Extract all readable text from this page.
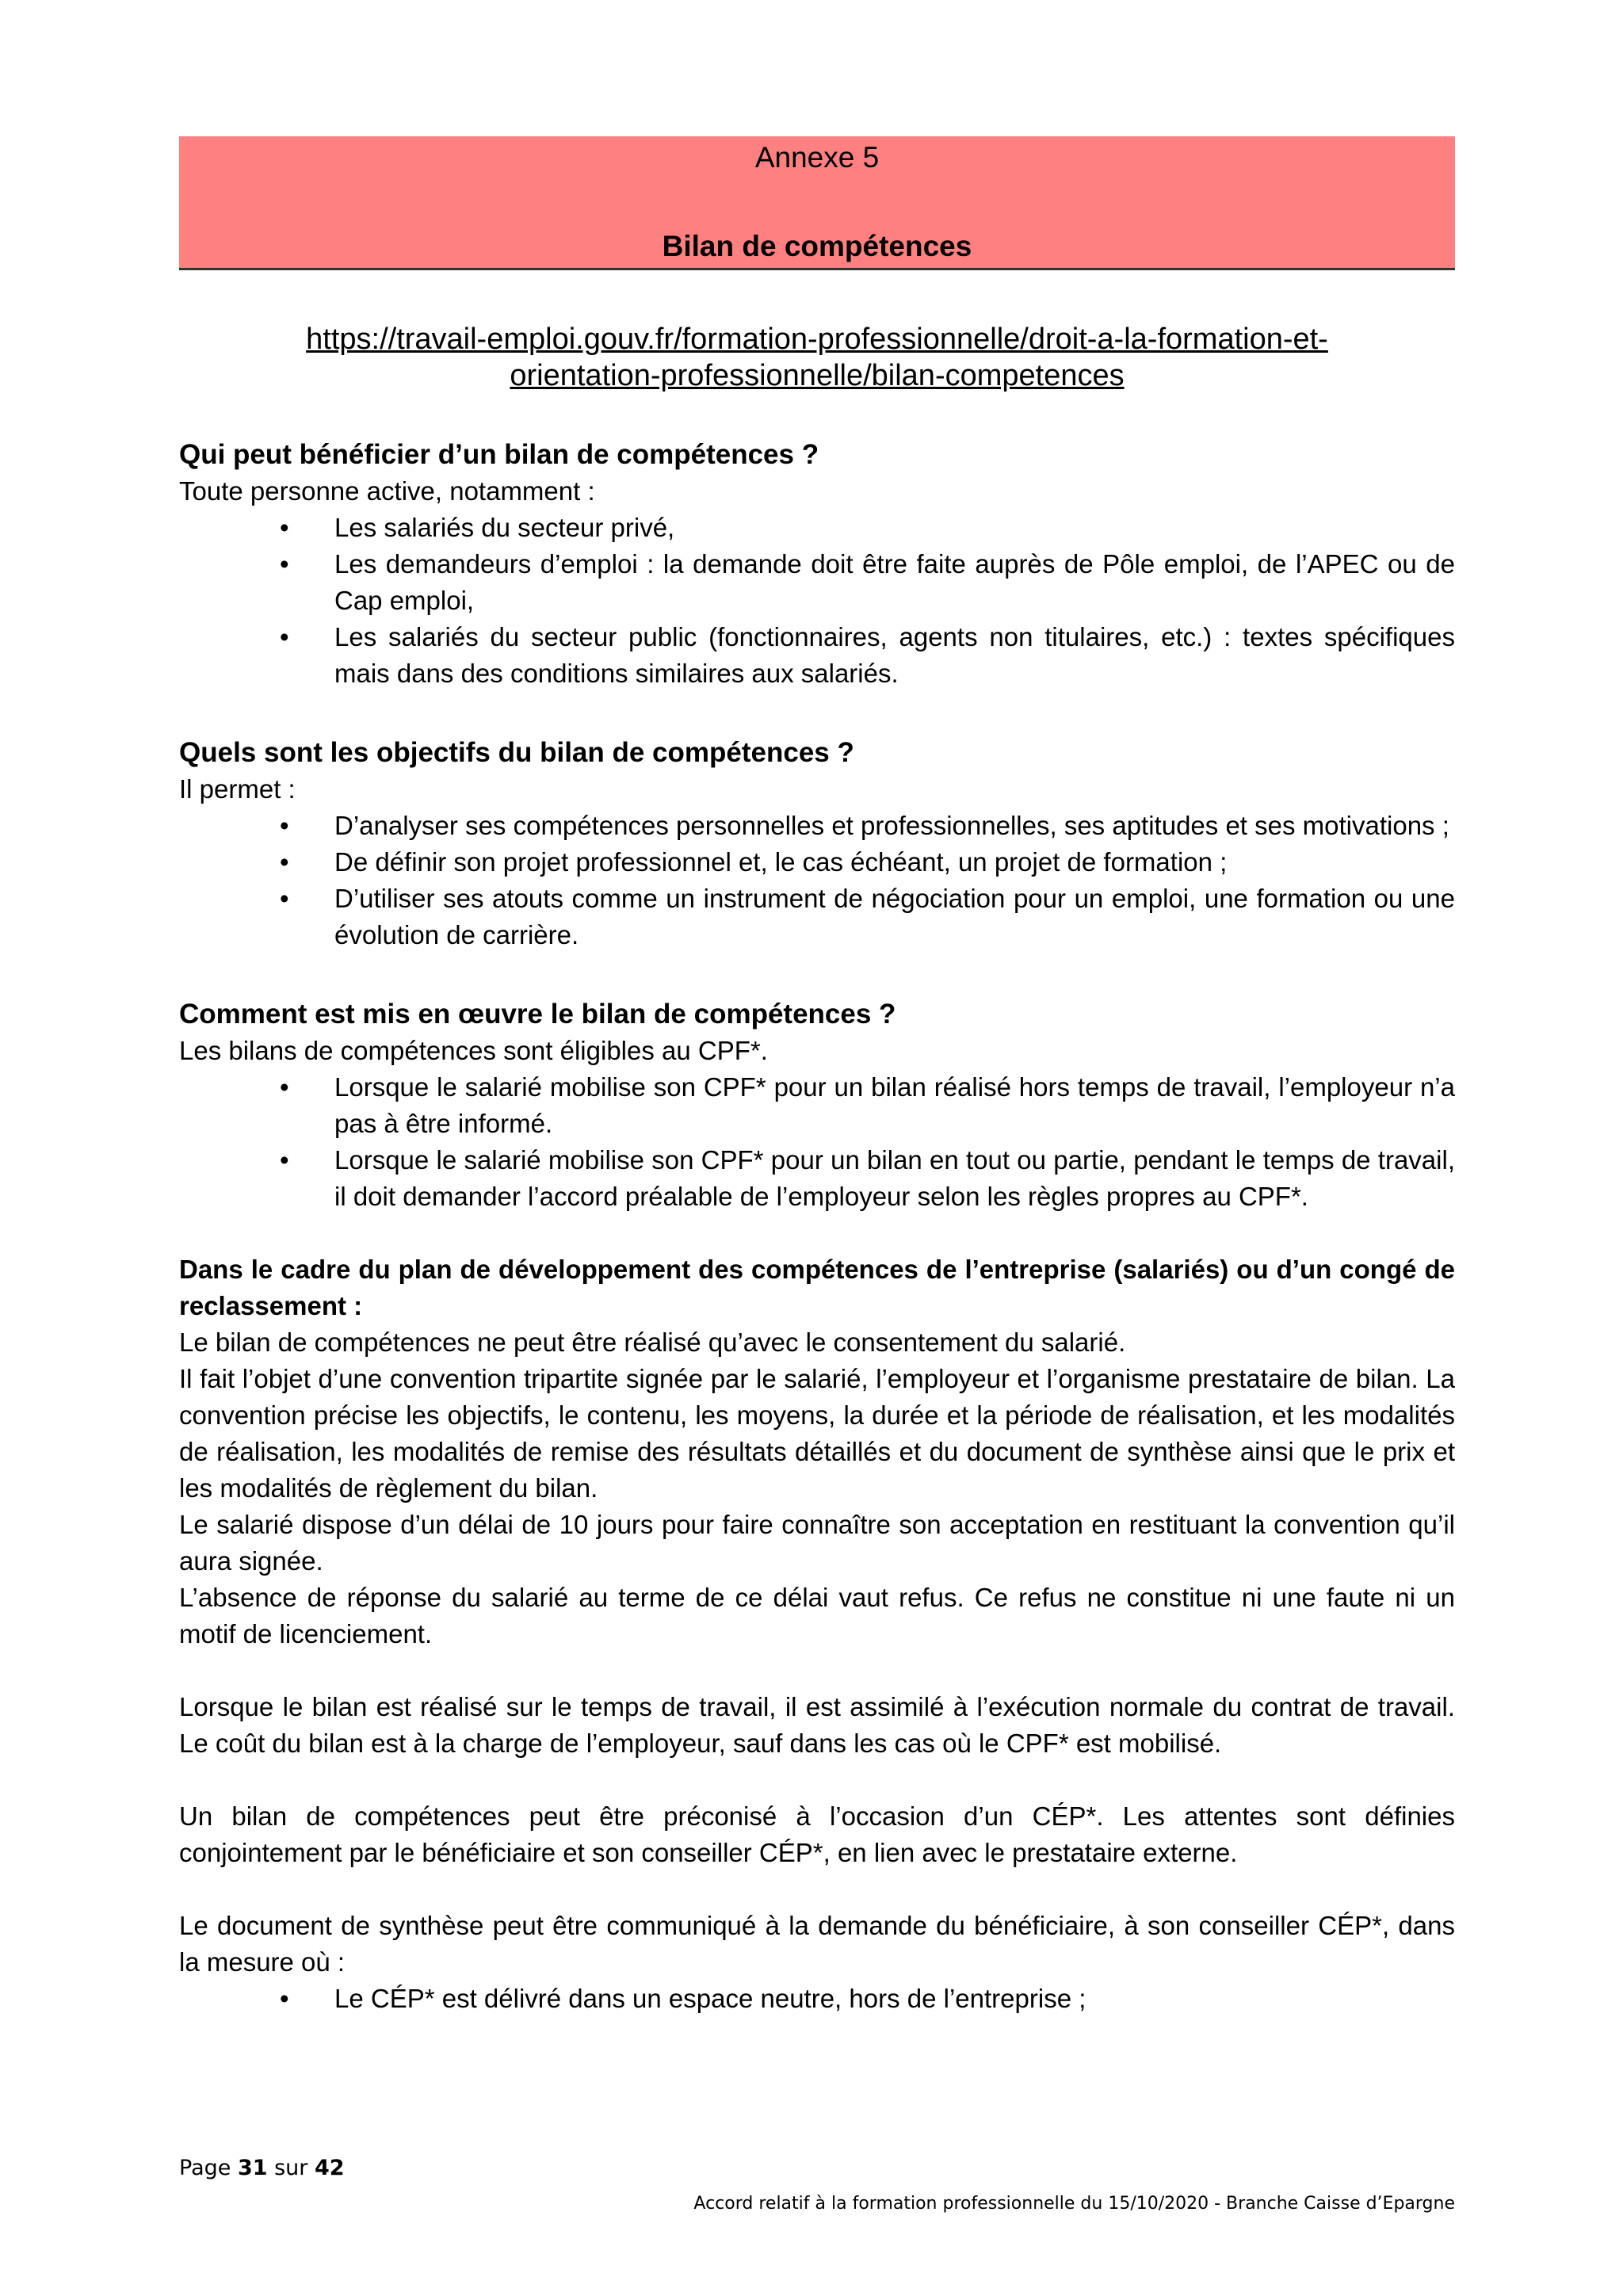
Annexe 5
Bilan de compétences
https://travail-emploi.gouv.fr/formation-professionnelle/droit-a-la-formation-et-
orientation-professionnelle/bilan-competences

Qui peut bénéficier d’un bilan de compétences ?

Toute personne active, notamment :

• Les salariés du secteur privé,
• Les demandeurs d’emploi : la demande doit être faite auprès de Pôle emploi, de l’APEC ou de Cap emploi,
• Les salariés du secteur public (fonctionnaires, agents non titulaires, etc.) : textes spécifiques mais dans des conditions similaires aux salariés.

Quels sont les objectifs du bilan de compétences ?

Il permet :

• D’analyser ses compétences personnelles et professionnelles, ses aptitudes et ses motivations ;
• De définir son projet professionnel et, le cas échéant, un projet de formation ;
• D’utiliser ses atouts comme un instrument de négociation pour un emploi, une formation ou une évolution de carrière.

Comment est mis en œuvre le bilan de compétences ?

Les bilans de compétences sont éligibles au CPF*.

• Lorsque le salarié mobilise son CPF* pour un bilan réalisé hors temps de travail, l’employeur n’a pas à être informé.
• Lorsque le salarié mobilise son CPF* pour un bilan en tout ou partie, pendant le temps de travail, il doit demander l’accord préalable de l’employeur selon les règles propres au CPF*.

Dans le cadre du plan de développement des compétences de l’entreprise (salariés) ou d’un congé de reclassement :

Le bilan de compétences ne peut être réalisé qu’avec le consentement du salarié.

Il fait l’objet d’une convention tripartite signée par le salarié, l’employeur et l’organisme prestataire de bilan. La convention précise les objectifs, le contenu, les moyens, la durée et la période de réalisation, et les modalités de réalisation, les modalités de remise des résultats détaillés et du document de synthèse ainsi que le prix et les modalités de règlement du bilan.

Le salarié dispose d’un délai de 10 jours pour faire connaître son acceptation en restituant la convention qu’il aura signée.

L’absence de réponse du salarié au terme de ce délai vaut refus. Ce refus ne constitue ni une faute ni un motif de licenciement.

Lorsque le bilan est réalisé sur le temps de travail, il est assimilé à l’exécution normale du contrat de travail. Le coût du bilan est à la charge de l’employeur, sauf dans les cas où le CPF* est mobilisé.

Un bilan de compétences peut être préconisé à l’occasion d’un CÉP*. Les attentes sont définies conjointement par le bénéficiaire et son conseiller CÉP*, en lien avec le prestataire externe.

Le document de synthèse peut être communiqué à la demande du bénéficiaire, à son conseiller CÉP*, dans la mesure où :

• Le CÉP* est délivré dans un espace neutre, hors de l’entreprise ;
Page 31 sur 42
Accord relatif à la formation professionnelle du 15/10/2020 - Branche Caisse d’Epargne
